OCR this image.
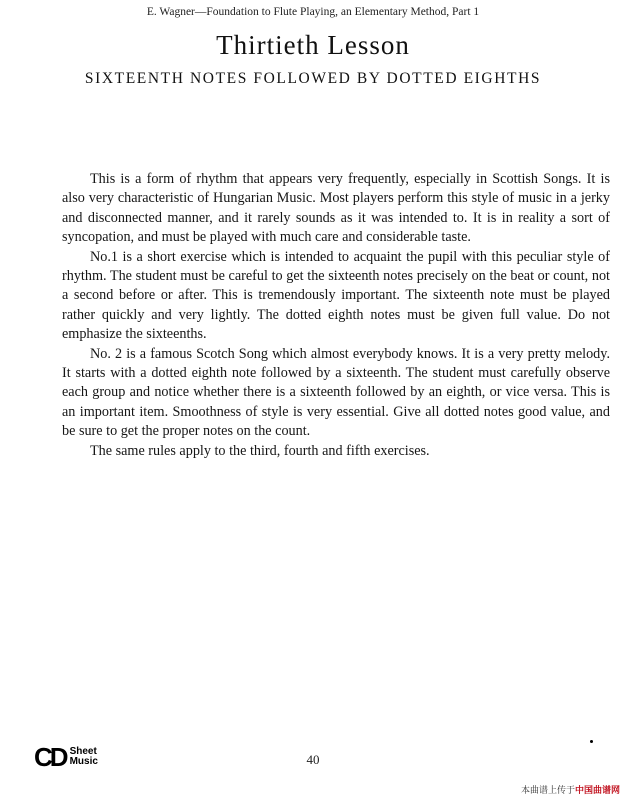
E. Wagner—Foundation to Flute Playing, an Elementary Method, Part 1
Thirtieth Lesson
SIXTEENTH NOTES FOLLOWED BY DOTTED EIGHTHS

This is a form of rhythm that appears very frequently, especially in Scottish Songs. It is also very characteristic of Hungarian Music. Most players perform this style of music in a jerky and disconnected manner, and it rarely sounds as it was intended to. It is in reality a sort of syncopation, and must be played with much care and considerable taste.

No.1 is a short exercise which is intended to acquaint the pupil with this peculiar style of rhythm. The student must be careful to get the sixteenth notes precisely on the beat or count, not a second before or after. This is tremendously important. The sixteenth note must be played rather quickly and very lightly. The dotted eighth notes must be given full value. Do not emphasize the sixteenths.

No. 2 is a famous Scotch Song which almost everybody knows. It is a very pretty melody. It starts with a dotted eighth note followed by a sixteenth. The student must carefully observe each group and notice whether there is a sixteenth followed by an eighth, or vice versa. This is an important item. Smoothness of style is very essential. Give all dotted notes good value, and be sure to get the proper notes on the count.

The same rules apply to the third, fourth and fifth exercises.

CD Sheet
Music	40
本曲谱上传于中国曲谱网
